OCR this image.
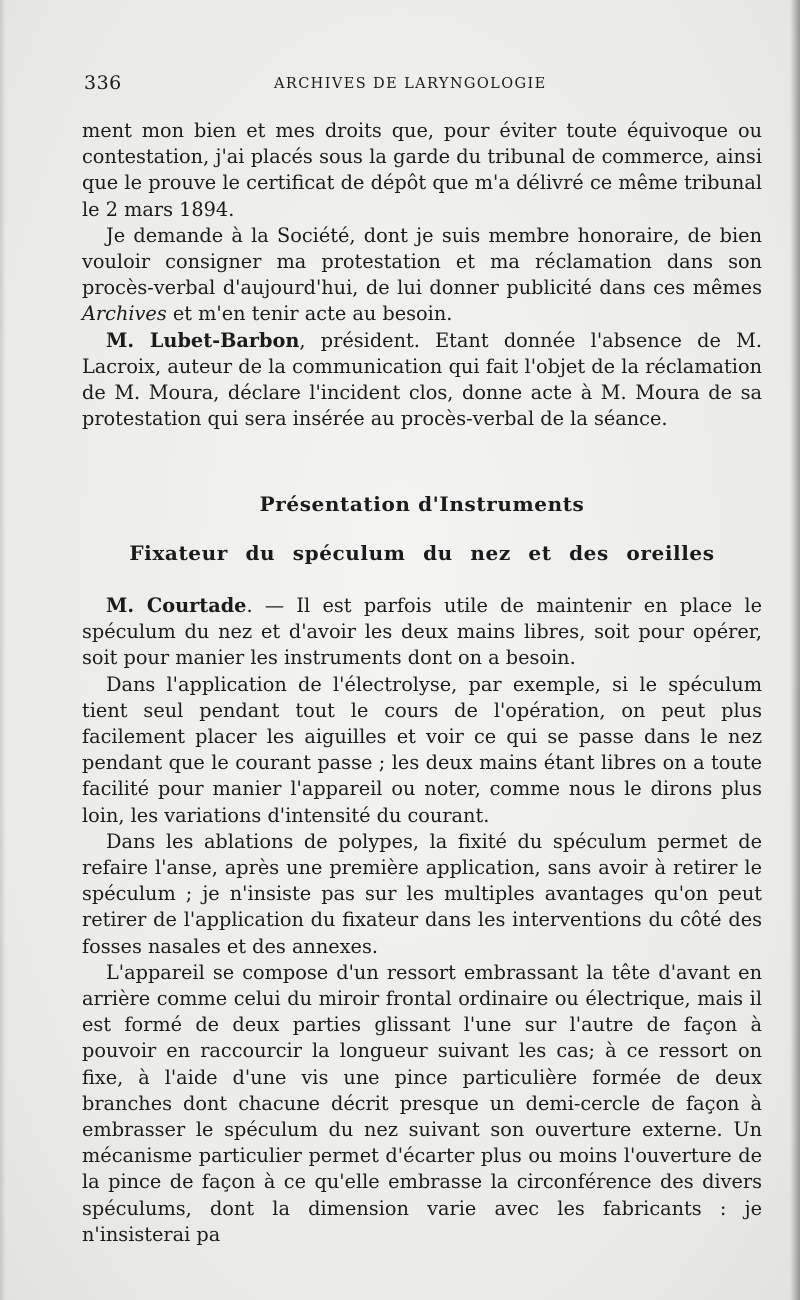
336	ARCHIVES DE LARYNGOLOGIE

ment mon bien et mes droits que, pour éviter toute équivoque ou contestation, j'ai placés sous la garde du tribunal de commerce, ainsi que le prouve le certificat de dépôt que m'a délivré ce même tribunal le 2 mars 1894.

Je demande à la Société, dont je suis membre honoraire, de bien vouloir consigner ma protestation et ma réclamation dans son procès-verbal d'aujourd'hui, de lui donner publicité dans ces mêmes Archives et m'en tenir acte au besoin.

M. Lubet-Barbon, président. Etant donnée l'absence de M. Lacroix, auteur de la communication qui fait l'objet de la réclamation de M. Moura, déclare l'incident clos, donne acte à M. Moura de sa protestation qui sera insérée au procès-verbal de la séance.

Présentation d'Instruments
Fixateur du spéculum du nez et des oreilles

M. Courtade. — Il est parfois utile de maintenir en place le spéculum du nez et d'avoir les deux mains libres, soit pour opérer, soit pour manier les instruments dont on a besoin.

Dans l'application de l'électrolyse, par exemple, si le spéculum tient seul pendant tout le cours de l'opération, on peut plus facilement placer les aiguilles et voir ce qui se passe dans le nez pendant que le courant passe ; les deux mains étant libres on a toute facilité pour manier l'appareil ou noter, comme nous le dirons plus loin, les variations d'intensité du courant.

Dans les ablations de polypes, la fixité du spéculum permet de refaire l'anse, après une première application, sans avoir à retirer le spéculum ; je n'insiste pas sur les multiples avantages qu'on peut retirer de l'application du fixateur dans les interventions du côté des fosses nasales et des annexes.

L'appareil se compose d'un ressort embrassant la tête d'avant en arrière comme celui du miroir frontal ordinaire ou électrique, mais il est formé de deux parties glissant l'une sur l'autre de façon à pouvoir en raccourcir la longueur suivant les cas; à ce ressort on fixe, à l'aide d'une vis une pince particulière formée de deux branches dont chacune décrit presque un demi-cercle de façon à embrasser le spéculum du nez suivant son ouverture externe. Un mécanisme particulier permet d'écarter plus ou moins l'ouverture de la pince de façon à ce qu'elle embrasse la circonférence des divers spéculums, dont la dimension varie avec les fabricants : je n'insisterai pa
